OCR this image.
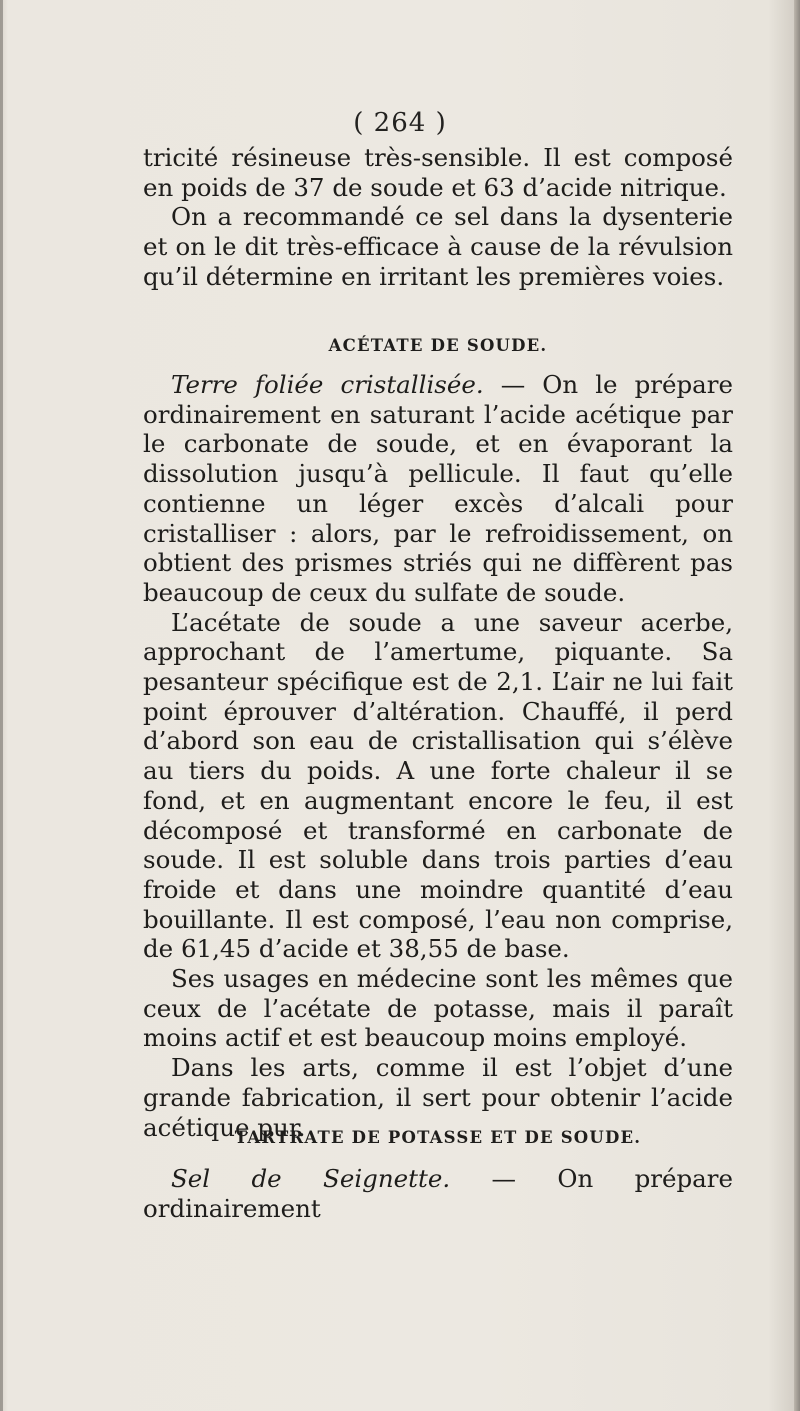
( 264 )

tricité résineuse très-sensible. Il est composé en poids de 37 de soude et 63 d’acide nitrique.

On a recommandé ce sel dans la dysenterie et on le dit très-efficace à cause de la révulsion qu’il détermine en irritant les premières voies.

ACÉTATE DE SOUDE.

Terre foliée cristallisée. — On le prépare ordinairement en saturant l’acide acétique par le carbonate de soude, et en évaporant la dissolution jusqu’à pellicule. Il faut qu’elle contienne un léger excès d’alcali pour cristalliser : alors, par le refroidissement, on obtient des prismes striés qui ne diffèrent pas beaucoup de ceux du sulfate de soude.

L’acétate de soude a une saveur acerbe, approchant de l’amertume, piquante. Sa pesanteur spécifique est de 2,1. L’air ne lui fait point éprouver d’altération. Chauffé, il perd d’abord son eau de cristallisation qui s’élève au tiers du poids. A une forte chaleur il se fond, et en augmentant encore le feu, il est décomposé et transformé en carbonate de soude. Il est soluble dans trois parties d’eau froide et dans une moindre quantité d’eau bouillante. Il est composé, l’eau non comprise, de 61,45 d’acide et 38,55 de base.

Ses usages en médecine sont les mêmes que ceux de l’acétate de potasse, mais il paraît moins actif et est beaucoup moins employé.

Dans les arts, comme il est l’objet d’une grande fabrication, il sert pour obtenir l’acide acétique pur.

TARTRATE DE POTASSE ET DE SOUDE.

Sel de Seignette. — On prépare ordinairement
